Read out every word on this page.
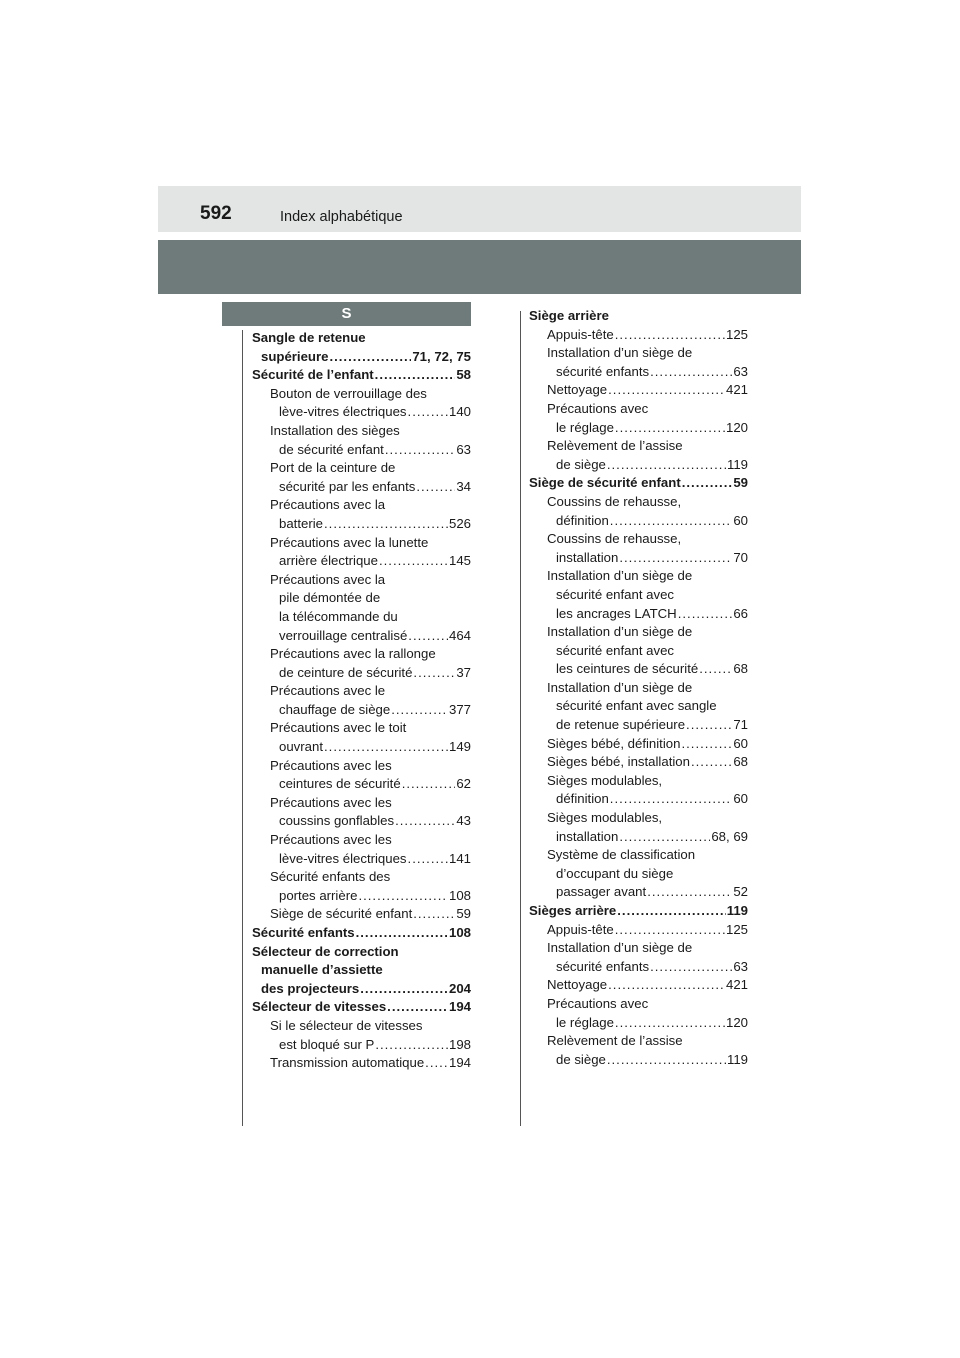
592	Index alphabétique
S
Sangle de retenue
supérieure .....	71, 72, 75
Sécurité de l’enfant .....	58
Bouton de verrouillage des
lève-vitres électriques .....	140
Installation des sièges
de sécurité enfant .....	63
Port de la ceinture de
sécurité par les enfants .....	34
Précautions avec la
batterie .....	526
Précautions avec la lunette
arrière électrique .....	145
Précautions avec la
pile démontée de
la télécommande du
verrouillage centralisé .....	464
Précautions avec la rallonge
de ceinture de sécurité .....	37
Précautions avec le
chauffage de siège .....	377
Précautions avec le toit
ouvrant .....	149
Précautions avec les
ceintures de sécurité .....	62
Précautions avec les
coussins gonflables .....	43
Précautions avec les
lève-vitres électriques .....	141
Sécurité enfants des
portes arrière .....	108
Siège de sécurité enfant .....	59
Sécurité enfants .....	108
Sélecteur de correction
manuelle d’assiette
des projecteurs .....	204
Sélecteur de vitesses .....	194
Si le sélecteur de vitesses
est bloqué sur P .....	198
Transmission automatique ..... 194
Siège arrière
Appuis-tête .....	125
Installation d’un siège de
sécurité enfants .....	63
Nettoyage .....	421
Précautions avec
le réglage .....	120
Relèvement de l’assise
de siège .....	119
Siège de sécurité enfant .....	59
Coussins de rehausse,
définition .....	60
Coussins de rehausse,
installation .....	70
Installation d’un siège de
sécurité enfant avec
les ancrages LATCH .....	66
Installation d’un siège de
sécurité enfant avec
les ceintures de sécurité .....	68
Installation d’un siège de
sécurité enfant avec sangle
de retenue supérieure .....	71
Sièges bébé, définition .....	60
Sièges bébé, installation .....	68
Sièges modulables,
définition .....	60
Sièges modulables,
installation .....	68, 69
Système de classification
d’occupant du siège
passager avant .....	52
Sièges arrière .....	119
Appuis-tête .....	125
Installation d’un siège de
sécurité enfants .....	63
Nettoyage .....	421
Précautions avec
le réglage .....	120
Relèvement de l’assise
de siège .....	119
